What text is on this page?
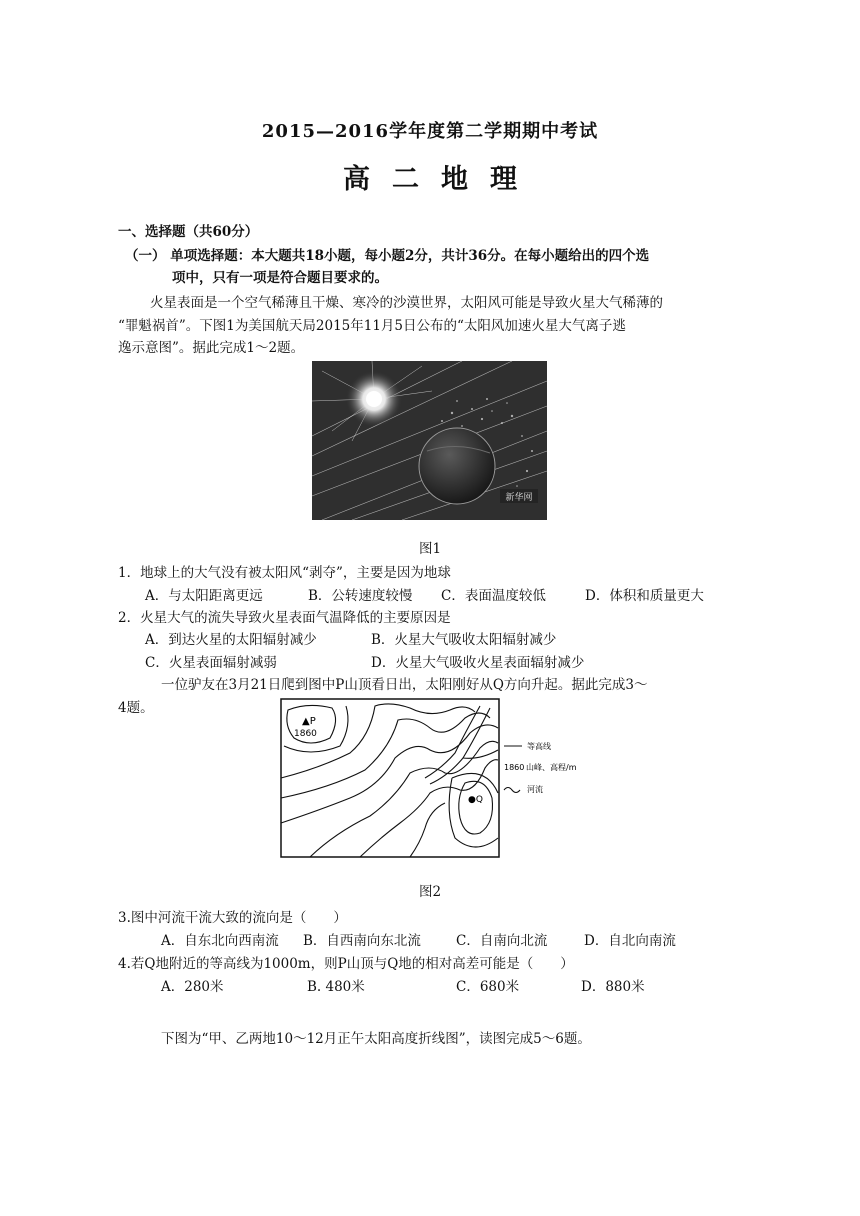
2015—2016学年度第二学期期中考试
高二地理
一、选择题（共60分）
（一） 单项选择题：本大题共18小题，每小题2分，共计36分。在每小题给出的四个选
项中，只有一项是符合题目要求的。
火星表面是一个空气稀薄且干燥、寒冷的沙漠世界，太阳风可能是导致火星大气稀薄的
“罪魁祸首”。下图1为美国航天局2015年11月5日公布的“太阳风加速火星大气离子逃
逸示意图”。据此完成1～2题。
新华网
图1
1．地球上的大气没有被太阳风“剥夺”，主要是因为地球
A．与太阳距离更远	B．公转速度较慢 C．表面温度较低	D．体积和质量更大
2．火星大气的流失导致火星表面气温降低的主要原因是
A．到达火星的太阳辐射减少	B．火星大气吸收太阳辐射减少
C．火星表面辐射减弱	D．火星大气吸收火星表面辐射减少
一位驴友在3月21日爬到图中P山顶看日出，太阳刚好从Q方向升起。据此完成3～
4题。
▲P
1860
●Q
等高线
1860 山峰、高程/m
河流
图2
3.图中河流干流大致的流向是（　　）
A．自东北向西南流 B．自西南向东北流	C．自南向北流	D．自北向南流
4.若Q地附近的等高线为1000m，则P山顶与Q地的相对高差可能是（　　）
A．280米	B. 480米	C．680米	D．880米
下图为“甲、乙两地10～12月正午太阳高度折线图”，读图完成5～6题。
